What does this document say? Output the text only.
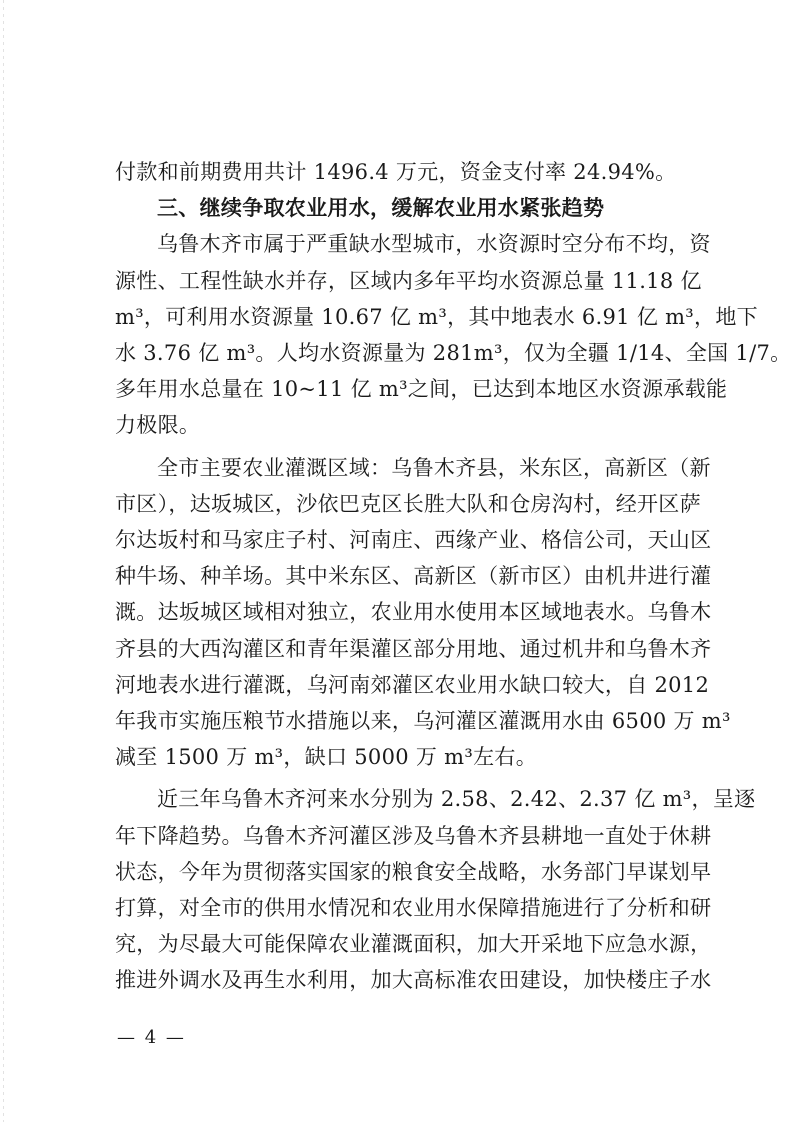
付款和前期费用共计 1496.4 万元，资金支付率 24.94%。

三、继续争取农业用水，缓解农业用水紧张趋势

乌鲁木齐市属于严重缺水型城市，水资源时空分布不均，资
源性、工程性缺水并存，区域内多年平均水资源总量 11.18 亿
m³，可利用水资源量 10.67 亿 m³，其中地表水 6.91 亿 m³，地下
水 3.76 亿 m³。人均水资源量为 281m³，仅为全疆 1/14、全国 1/7。
多年用水总量在 10~11 亿 m³之间，已达到本地区水资源承载能
力极限。

全市主要农业灌溉区域：乌鲁木齐县，米东区，高新区（新
市区），达坂城区，沙依巴克区长胜大队和仓房沟村，经开区萨
尔达坂村和马家庄子村、河南庄、西缘产业、格信公司，天山区
种牛场、种羊场。其中米东区、高新区（新市区）由机井进行灌
溉。达坂城区域相对独立，农业用水使用本区域地表水。乌鲁木
齐县的大西沟灌区和青年渠灌区部分用地、通过机井和乌鲁木齐
河地表水进行灌溉，乌河南郊灌区农业用水缺口较大，自 2012
年我市实施压粮节水措施以来，乌河灌区灌溉用水由 6500 万 m³
减至 1500 万 m³，缺口 5000 万 m³左右。

近三年乌鲁木齐河来水分别为 2.58、2.42、2.37 亿 m³，呈逐
年下降趋势。乌鲁木齐河灌区涉及乌鲁木齐县耕地一直处于休耕
状态，今年为贯彻落实国家的粮食安全战略，水务部门早谋划早
打算，对全市的供用水情况和农业用水保障措施进行了分析和研
究，为尽最大可能保障农业灌溉面积，加大开采地下应急水源，
推进外调水及再生水利用，加大高标准农田建设，加快楼庄子水

— 4 —
